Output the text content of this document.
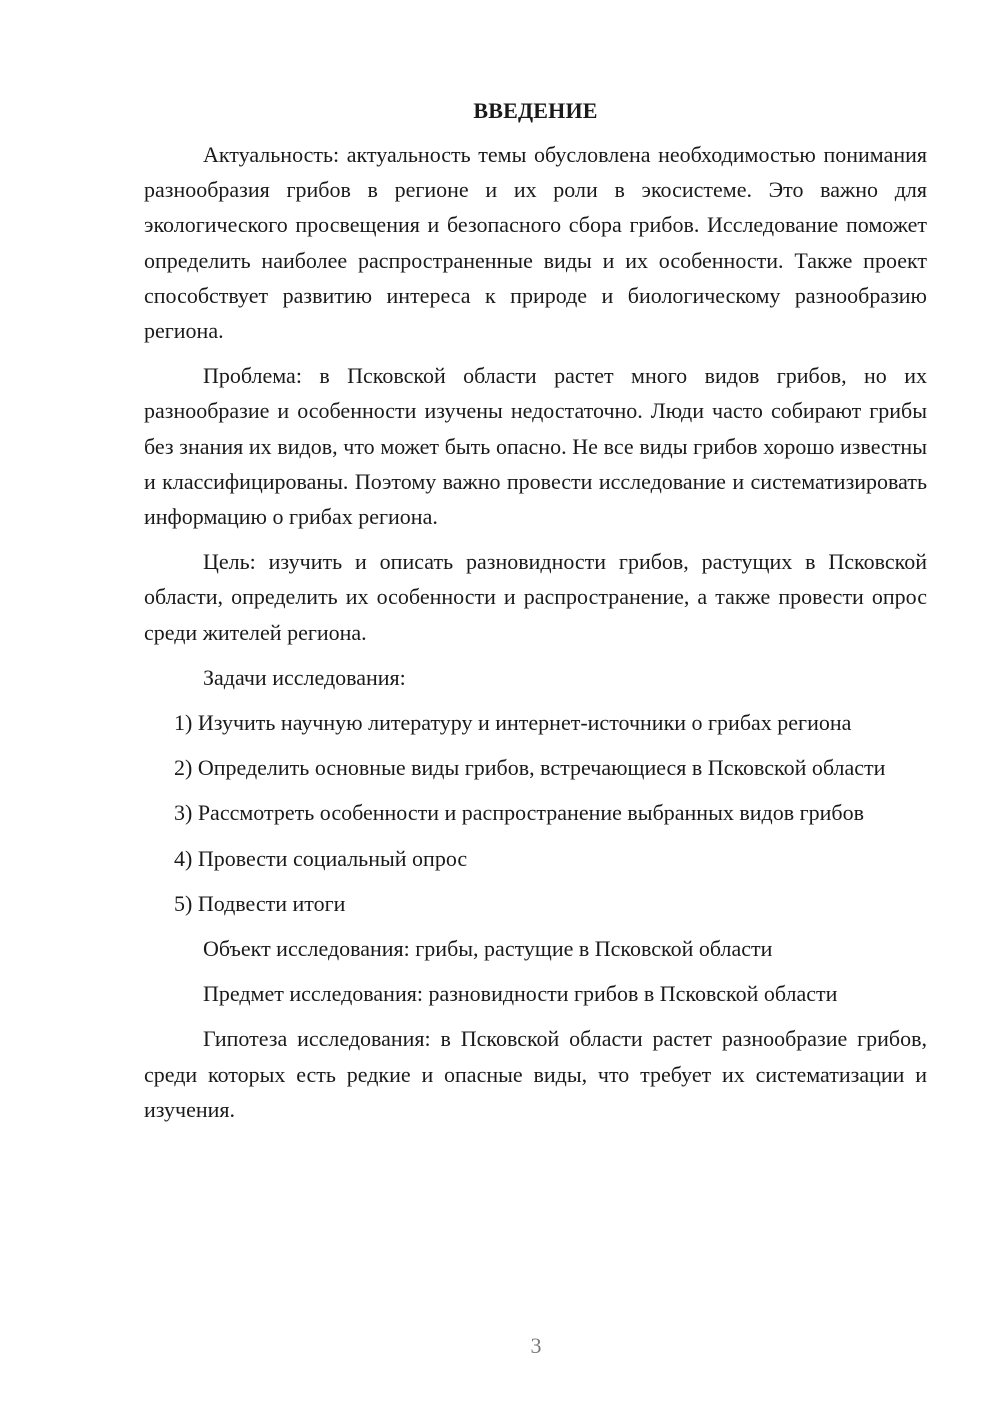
ВВЕДЕНИЕ

Актуальность: актуальность темы обусловлена необходимостью понимания разнообразия грибов в регионе и их роли в экосистеме. Это важно для экологического просвещения и безопасного сбора грибов. Исследование поможет определить наиболее распространенные виды и их особенности. Также проект способствует развитию интереса к природе и биологическому разнообразию региона.

Проблема: в Псковской области растет много видов грибов, но их разнообразие и особенности изучены недостаточно. Люди часто собирают грибы без знания их видов, что может быть опасно. Не все виды грибов хорошо известны и классифицированы. Поэтому важно провести исследование и систематизировать информацию о грибах региона.

Цель: изучить и описать разновидности грибов, растущих в Псковской области, определить их особенности и распространение, а также провести опрос среди жителей региона.

Задачи исследования:

1) Изучить научную литературу и интернет-источники о грибах региона
2) Определить основные виды грибов, встречающиеся в Псковской области
3) Рассмотреть особенности и распространение выбранных видов грибов
4) Провести социальный опрос
5) Подвести итоги

Объект исследования: грибы, растущие в Псковской области

Предмет исследования: разновидности грибов в Псковской области

Гипотеза исследования: в Псковской области растет разнообразие грибов, среди которых есть редкие и опасные виды, что требует их систематизации и изучения.

3
